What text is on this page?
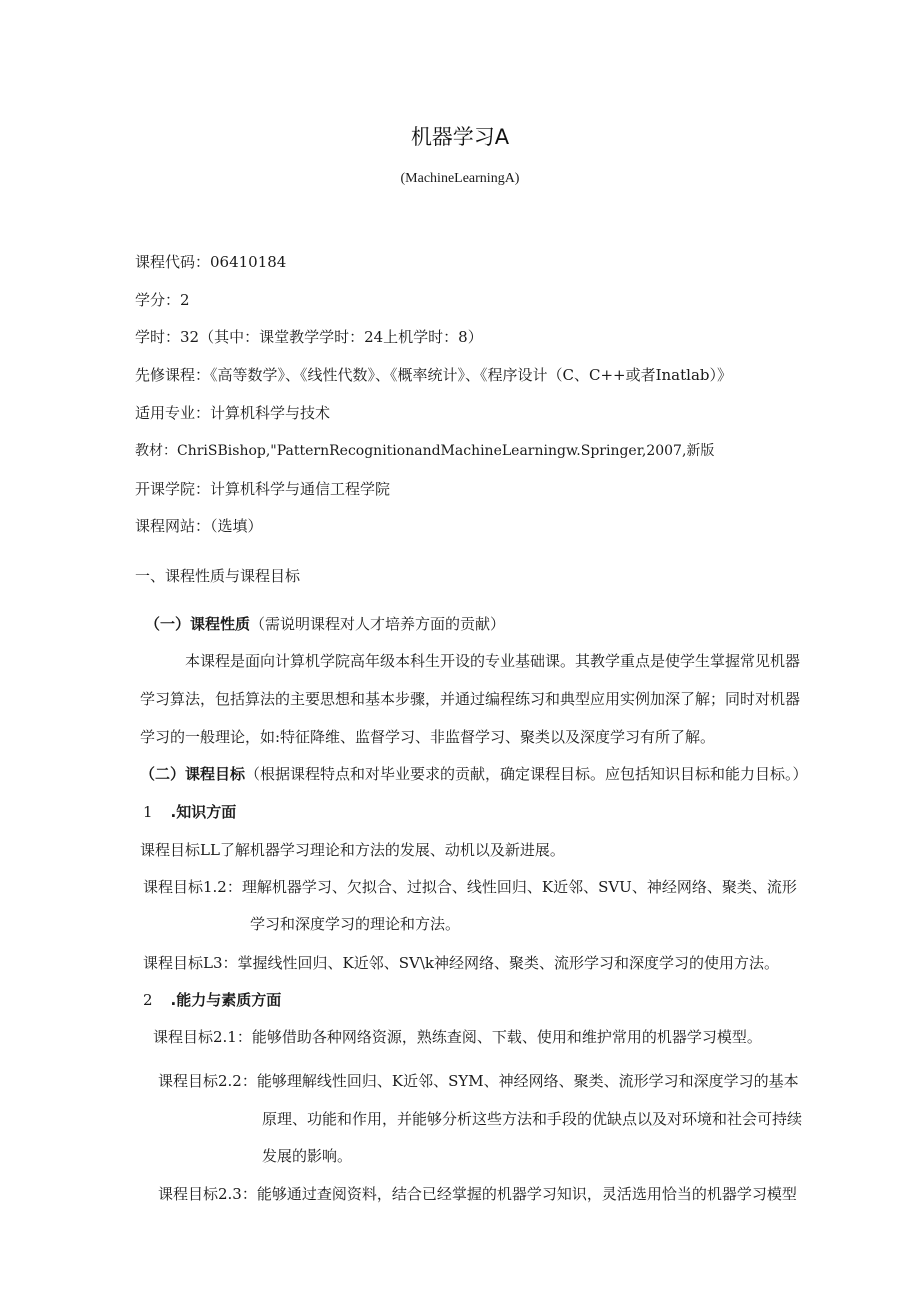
机器学习A
(MachineLearningA)
课程代码：06410184
学分：2
学时：32（其中：课堂教学学时：24上机学时：8）
先修课程：《高等数学》、《线性代数》、《概率统计》、《程序设计（C、C++或者Inatlab）》
适用专业：计算机科学与技术
教材：ChriSBishop,"PatternRecognitionandMachineLearningw.Springer,2007,新版
开课学院：计算机科学与通信工程学院
课程网站：（选填）
一、课程性质与课程目标
（一）课程性质（需说明课程对人才培养方面的贡献）
本课程是面向计算机学院高年级本科生开设的专业基础课。其教学重点是使学生掌握常见机器
学习算法，包括算法的主要思想和基本步骤，并通过编程练习和典型应用实例加深了解；同时对机器
学习的一般理论，如:特征降维、监督学习、非监督学习、聚类以及深度学习有所了解。
（二）课程目标（根据课程特点和对毕业要求的贡献，确定课程目标。应包括知识目标和能力目标。）
1 .知识方面
课程目标LL了解机器学习理论和方法的发展、动机以及新进展。
课程目标1.2：理解机器学习、欠拟合、过拟合、线性回归、K近邻、SVU、神经网络、聚类、流形
学习和深度学习的理论和方法。
课程目标L3：掌握线性回归、K近邻、SV\k神经网络、聚类、流形学习和深度学习的使用方法。
2 .能力与素质方面
课程目标2.1：能够借助各种网络资源，熟练查阅、下载、使用和维护常用的机器学习模型。
课程目标2.2：能够理解线性回归、K近邻、SYM、神经网络、聚类、流形学习和深度学习的基本
原理、功能和作用，并能够分析这些方法和手段的优缺点以及对环境和社会可持续
发展的影响。
课程目标2.3：能够通过查阅资料，结合已经掌握的机器学习知识，灵活选用恰当的机器学习模型
